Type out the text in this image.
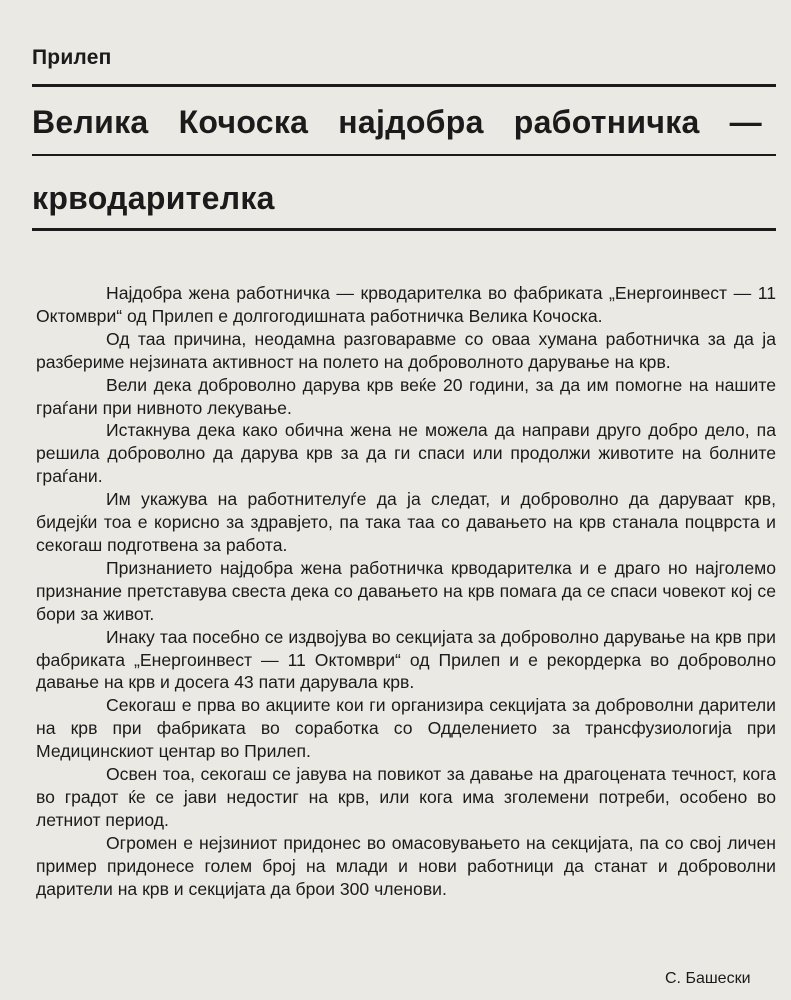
Прилеп
Велика Кочоска најдобра работничка —
крводарителка

Најдобра жена работничка — крводарителка во фабриката „Енергоинвест — 11 Октомври“ од Прилеп е долгогодишната работничка Велика Кочоска.

Од таа причина, неодамна разговаравме со оваа хумана работничка за да ја разбериме нејзината активност на полето на доброволното дарување на крв.

Вели дека доброволно дарува крв веќе 20 години, за да им помогне на нашите граѓани при нивното лекување.

Истакнува дека како обична жена не можела да направи друго добро дело, па решила доброволно да дарува крв за да ги спаси или продолжи животите на болните граѓани.

Им укажува на работнителуѓе да ја следат, и доброволно да даруваат крв, бидејќи тоа е корисно за здравјето, па така таа со давањето на крв станала поцврста и секогаш подготвена за работа.

Признанието најдобра жена работничка крводарителка и е драго но најголемо признание претставува свеста дека со давањето на крв помага да се спаси човекот кој се бори за живот.

Инаку таа посебно се издвојува во секцијата за доброволно дарување на крв при фабриката „Енергоинвест — 11 Октомври“ од Прилеп и е рекордерка во доброволно давање на крв и досега 43 пати дарувала крв.

Секогаш е прва во акциите кои ги организира секцијата за доброволни дарители на крв при фабриката во соработка со Одделението за трансфузиологија при Медицинскиот центар во Прилеп.

Освен тоа, секогаш се јавува на повикот за давање на драгоцената течност, кога во градот ќе се јави недостиг на крв, или кога има зголемени потреби, особено во летниот период.

Огромен е нејзиниот придонес во омасовувањето на секцијата, па со свој личен пример придонесе голем број на млади и нови работници да станат и доброволни дарители на крв и секцијата да брои 300 членови.

С. Башески
